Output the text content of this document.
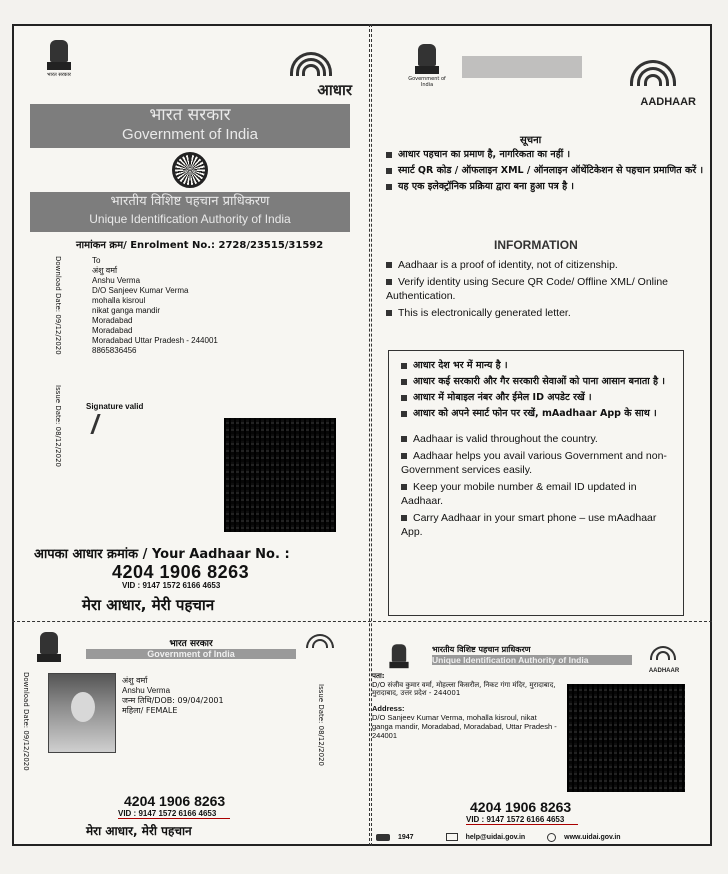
भारत सरकार
आधार
भारत सरकार
Government of India
भारतीय विशिष्ट पहचान प्राधिकरण
Unique Identification Authority of India
नामांकन क्रम/ Enrolment No.: 2728/23515/31592
Download Date: 09/12/2020
Issue Date: 08/12/2020
To
अंशु वर्मा
Anshu Verma
D/O Sanjeev Kumar Verma
mohalla kisroul
nikat ganga mandir
Moradabad
Moradabad
Moradabad Uttar Pradesh - 244001
8865836456
Signature valid
आपका आधार क्रमांक / Your Aadhaar No. :
4204 1906 8263
VID : 9147 1572 6166 4653
मेरा आधार, मेरी पहचान
Government of India
AADHAAR
सूचना
आधार पहचान का प्रमाण है, नागरिकता का नहीं ।
स्मार्ट QR कोड / ऑफलाइन XML / ऑनलाइन ऑथेंटिकेशन से पहचान प्रमाणित करें ।
यह एक इलेक्ट्रॉनिक प्रक्रिया द्वारा बना हुआ पत्र है ।
INFORMATION
Aadhaar is a proof of identity, not of citizenship.
Verify identity using Secure QR Code/ Offline XML/ Online Authentication.
This is electronically generated letter.
आधार देश भर में मान्य है ।
आधार कई सरकारी और गैर सरकारी सेवाओं को पाना आसान बनाता है ।
आधार में मोबाइल नंबर और ईमेल ID अपडेट रखें ।
आधार को अपने स्मार्ट फोन पर रखें, mAadhaar App के साथ ।
Aadhaar is valid throughout the country.
Aadhaar helps you avail various Government and non-Government services easily.
Keep your mobile number & email ID updated in Aadhaar.
Carry Aadhaar in your smart phone – use mAadhaar App.
भारत सरकार
Government of India
Download Date: 09/12/2020	Issue Date: 08/12/2020
अंशु वर्मा
Anshu Verma
जन्म तिथि/DOB: 09/04/2001
महिला/ FEMALE
4204 1906 8263
VID : 9147 1572 6166 4653
मेरा आधार, मेरी पहचान
भारतीय विशिष्ट पहचान प्राधिकरण
Unique Identification Authority of India
AADHAAR
पता:
D/O संजीव कुमार वर्मा, मोहल्ला किसरौल, निकट गंगा मंदिर, मुरादाबाद, मुरादाबाद, उत्तर प्रदेश - 244001
Address:
D/O Sanjeev Kumar Verma, mohalla kisroul, nikat ganga mandir, Moradabad, Moradabad, Uttar Pradesh - 244001
4204 1906 8263
VID : 9147 1572 6166 4653
1947	help@uidai.gov.in	www.uidai.gov.in
